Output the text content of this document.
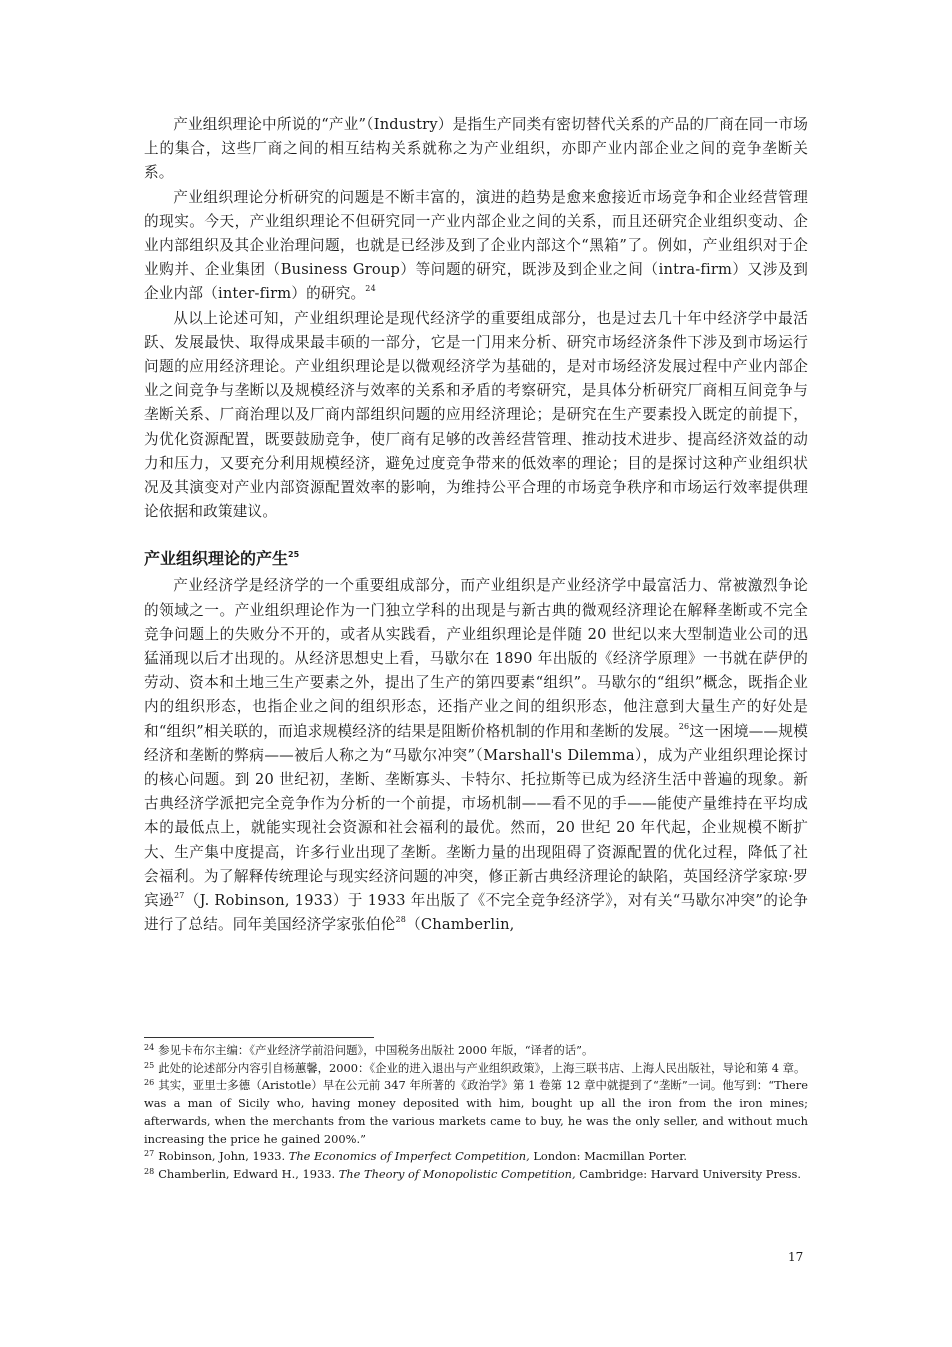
产业组织理论中所说的“产业”（Industry）是指生产同类有密切替代关系的产品的厂商在同一市场上的集合，这些厂商之间的相互结构关系就称之为产业组织，亦即产业内部企业之间的竞争垄断关系。

产业组织理论分析研究的问题是不断丰富的，演进的趋势是愈来愈接近市场竞争和企业经营管理的现实。今天，产业组织理论不但研究同一产业内部企业之间的关系，而且还研究企业组织变动、企业内部组织及其企业治理问题，也就是已经涉及到了企业内部这个“黑箱”了。例如，产业组织对于企业购并、企业集团（Business Group）等问题的研究，既涉及到企业之间（intra-firm）又涉及到企业内部（inter-firm）的研究。$^{24}$

从以上论述可知，产业组织理论是现代经济学的重要组成部分，也是过去几十年中经济学中最活跃、发展最快、取得成果最丰硕的一部分，它是一门用来分析、研究市场经济条件下涉及到市场运行问题的应用经济理论。产业组织理论是以微观经济学为基础的，是对市场经济发展过程中产业内部企业之间竞争与垄断以及规模经济与效率的关系和矛盾的考察研究，是具体分析研究厂商相互间竞争与垄断关系、厂商治理以及厂商内部组织问题的应用经济理论；是研究在生产要素投入既定的前提下，为优化资源配置，既要鼓励竞争，使厂商有足够的改善经营管理、推动技术进步、提高经济效益的动力和压力，又要充分利用规模经济，避免过度竞争带来的低效率的理论；目的是探讨这种产业组织状况及其演变对产业内部资源配置效率的影响，为维持公平合理的市场竞争秩序和市场运行效率提供理论依据和政策建议。

产业组织理论的产生$^{25}$

产业经济学是经济学的一个重要组成部分，而产业组织是产业经济学中最富活力、常被激烈争论的领域之一。产业组织理论作为一门独立学科的出现是与新古典的微观经济理论在解释垄断或不完全竞争问题上的失败分不开的，或者从实践看，产业组织理论是伴随 20 世纪以来大型制造业公司的迅猛涌现以后才出现的。从经济思想史上看，马歇尔在 1890 年出版的《经济学原理》一书就在萨伊的劳动、资本和土地三生产要素之外，提出了生产的第四要素“组织”。马歇尔的“组织”概念，既指企业内的组织形态，也指企业之间的组织形态，还指产业之间的组织形态，他注意到大量生产的好处是和“组织”相关联的，而追求规模经济的结果是阻断价格机制的作用和垄断的发展。$^{26}$这一困境——规模经济和垄断的弊病——被后人称之为“马歇尔冲突”（Marshall's Dilemma），成为产业组织理论探讨的核心问题。到 20 世纪初，垄断、垄断寡头、卡特尔、托拉斯等已成为经济生活中普遍的现象。新古典经济学派把完全竞争作为分析的一个前提，市场机制——看不见的手——能使产量维持在平均成本的最低点上，就能实现社会资源和社会福利的最优。然而，20 世纪 20 年代起，企业规模不断扩大、生产集中度提高，许多行业出现了垄断。垄断力量的出现阻碍了资源配置的优化过程，降低了社会福利。为了解释传统理论与现实经济问题的冲突，修正新古典经济理论的缺陷，英国经济学家琼·罗宾逊$^{27}$（J. Robinson, 1933）于 1933 年出版了《不完全竞争经济学》，对有关“马歇尔冲突”的论争进行了总结。同年美国经济学家张伯伦$^{28}$（Chamberlin,

$^{24}$ 参见卡布尔主编：《产业经济学前沿问题》，中国税务出版社 2000 年版，“译者的话”。

$^{25}$ 此处的论述部分内容引自杨蕙馨，2000：《企业的进入退出与产业组织政策》，上海三联书店、上海人民出版社，导论和第 4 章。

$^{26}$ 其实，亚里士多德（Aristotle）早在公元前 347 年所著的《政治学》第 1 卷第 12 章中就提到了“垄断”一词。他写到：“There was a man of Sicily who, having money deposited with him, bought up all the iron from the iron mines; afterwards, when the merchants from the various markets came to buy, he was the only seller, and without much increasing the price he gained 200%.”

$^{27}$ Robinson, John, 1933. The Economics of Imperfect Competition, London: Macmillan Porter.

$^{28}$ Chamberlin, Edward H., 1933. The Theory of Monopolistic Competition, Cambridge: Harvard University Press.

17
